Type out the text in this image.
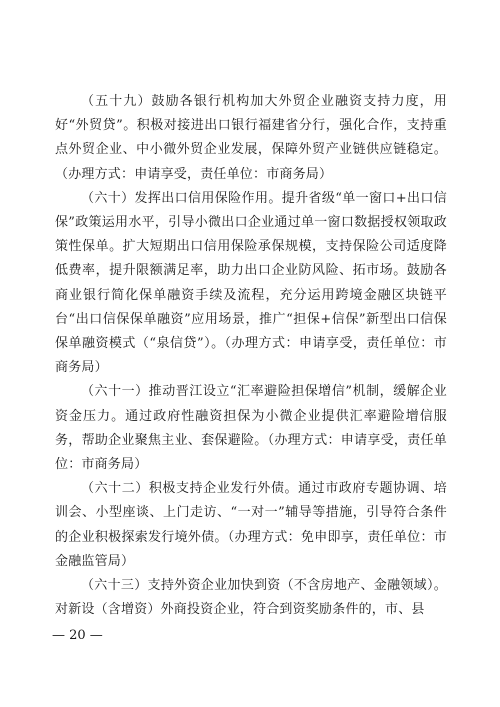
（五十九）鼓励各银行机构加大外贸企业融资支持力度，用好“外贸贷”。积极对接进出口银行福建省分行，强化合作，支持重点外贸企业、中小微外贸企业发展，保障外贸产业链供应链稳定。（办理方式：申请享受，责任单位：市商务局）

（六十）发挥出口信用保险作用。提升省级“单一窗口+出口信保”政策运用水平，引导小微出口企业通过单一窗口数据授权领取政策性保单。扩大短期出口信用保险承保规模，支持保险公司适度降低费率，提升限额满足率，助力出口企业防风险、拓市场。鼓励各商业银行简化保单融资手续及流程，充分运用跨境金融区块链平台“出口信保保单融资”应用场景，推广“担保+信保”新型出口信保保单融资模式（“泉信贷”）。（办理方式：申请享受，责任单位：市商务局）

（六十一）推动晋江设立“汇率避险担保增信”机制，缓解企业资金压力。通过政府性融资担保为小微企业提供汇率避险增信服务，帮助企业聚焦主业、套保避险。（办理方式：申请享受，责任单位：市商务局）

（六十二）积极支持企业发行外债。通过市政府专题协调、培训会、小型座谈、上门走访、“一对一”辅导等措施，引导符合条件的企业积极探索发行境外债。（办理方式：免申即享，责任单位：市金融监管局）

（六十三）支持外资企业加快到资（不含房地产、金融领域）。对新设（含增资）外商投资企业，符合到资奖励条件的，市、县

— 20 —
